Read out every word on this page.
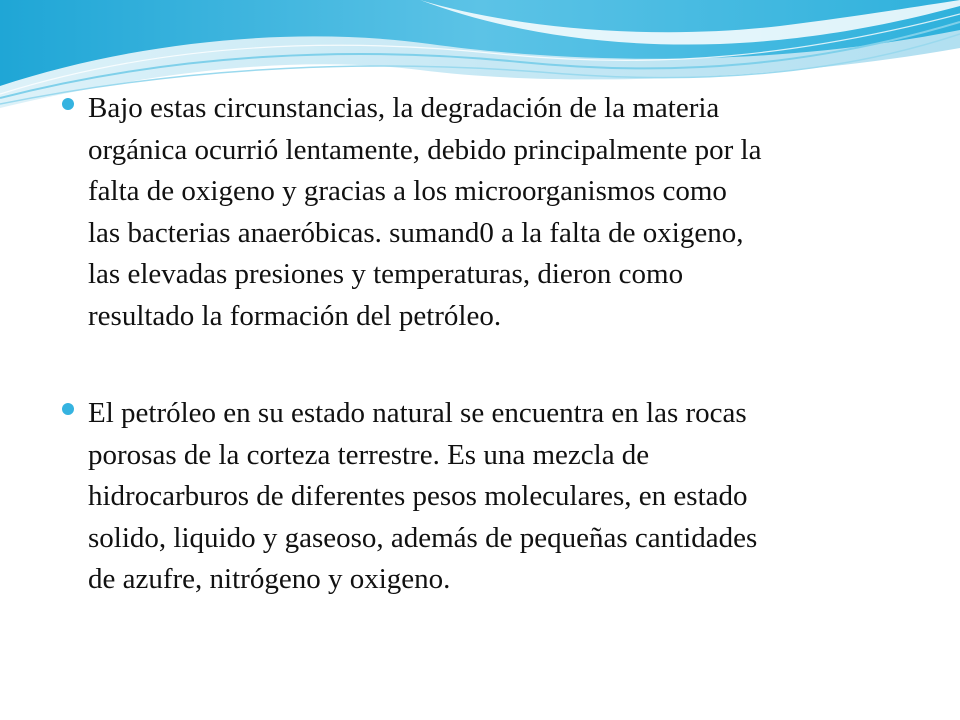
Bajo estas circunstancias, la degradación de la materia
orgánica ocurrió lentamente, debido principalmente por la
falta de oxigeno y gracias a los microorganismos como
las bacterias anaeróbicas. sumand0 a la falta de oxigeno,
las elevadas presiones y temperaturas, dieron como
resultado la formación del petróleo.
El petróleo en su estado natural se encuentra en las rocas
porosas de la corteza terrestre. Es una mezcla de
hidrocarburos de diferentes pesos moleculares, en estado
solido, liquido y gaseoso, además de pequeñas cantidades
de azufre, nitrógeno y oxigeno.
